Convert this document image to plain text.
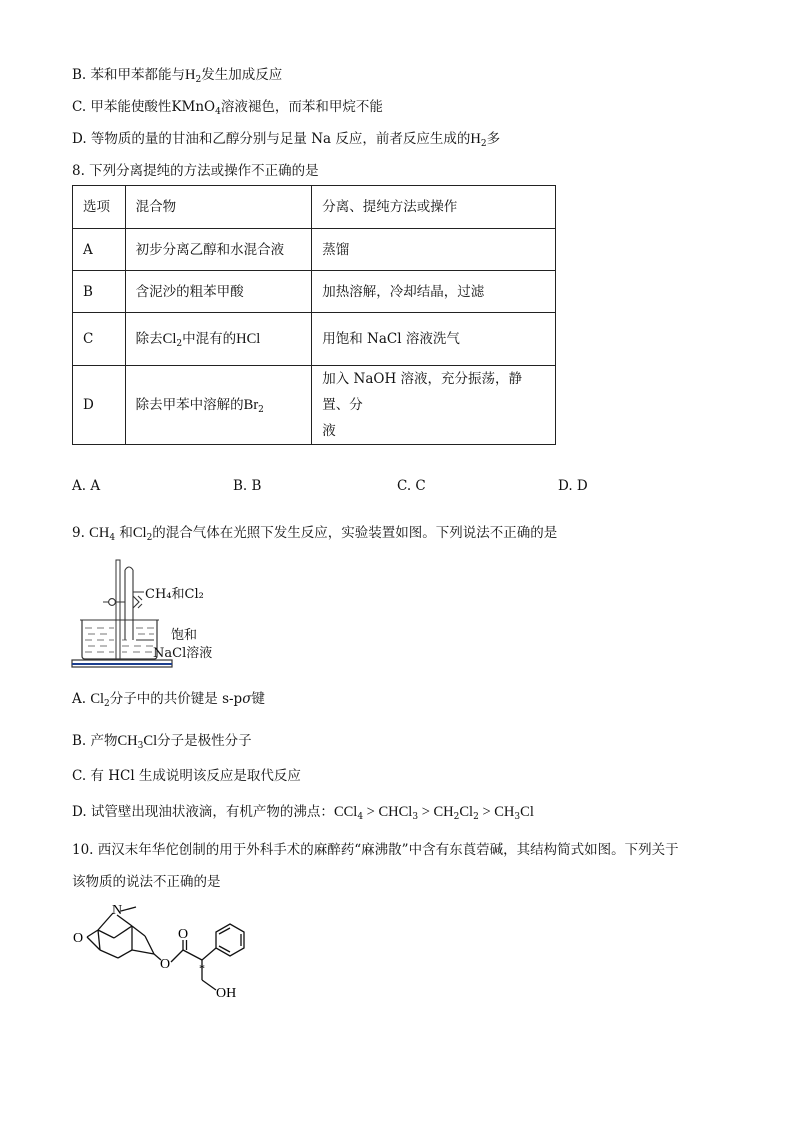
B. 苯和甲苯都能与$H_2$发生加成反应
C. 甲苯能使酸性KMnO$_4$溶液褪色，而苯和甲烷不能
D. 等物质的量的甘油和乙醇分别与足量 Na 反应，前者反应生成的$H_2$多
8. 下列分离提纯的方法或操作不正确的是
选项	混合物	分离、提纯方法或操作
A	初步分离乙醇和水混合液	蒸馏
B	含泥沙的粗苯甲酸	加热溶解，冷却结晶，过滤
C	除去$Cl_2$中混有的HCl	用饱和 NaCl 溶液洗气
D	除去甲苯中溶解的$Br_2$	加入 NaOH 溶液，充分振荡，静置、分
液
A. A	B. B	C. C	D. D
9. $CH_4$ 和$Cl_2$的混合气体在光照下发生反应，实验装置如图。下列说法不正确的是
CH₄和Cl₂
饱和
NaCl溶液
A. $Cl_2$分子中的共价键是 s-pσ键
B. 产物$CH_3Cl$分子是极性分子
C. 有 HCl 生成说明该反应是取代反应
D. 试管壁出现油状液滴，有机产物的沸点：CCl$_4$ > CHCl$_3$ > $CH_2Cl_2 > CH_3Cl$
10. 西汉末年华佗创制的用于外科手术的麻醉药“麻沸散”中含有东莨菪碱，其结构简式如图。下列关于
该物质的说法不正确的是
N
O
O
O
*
OH
